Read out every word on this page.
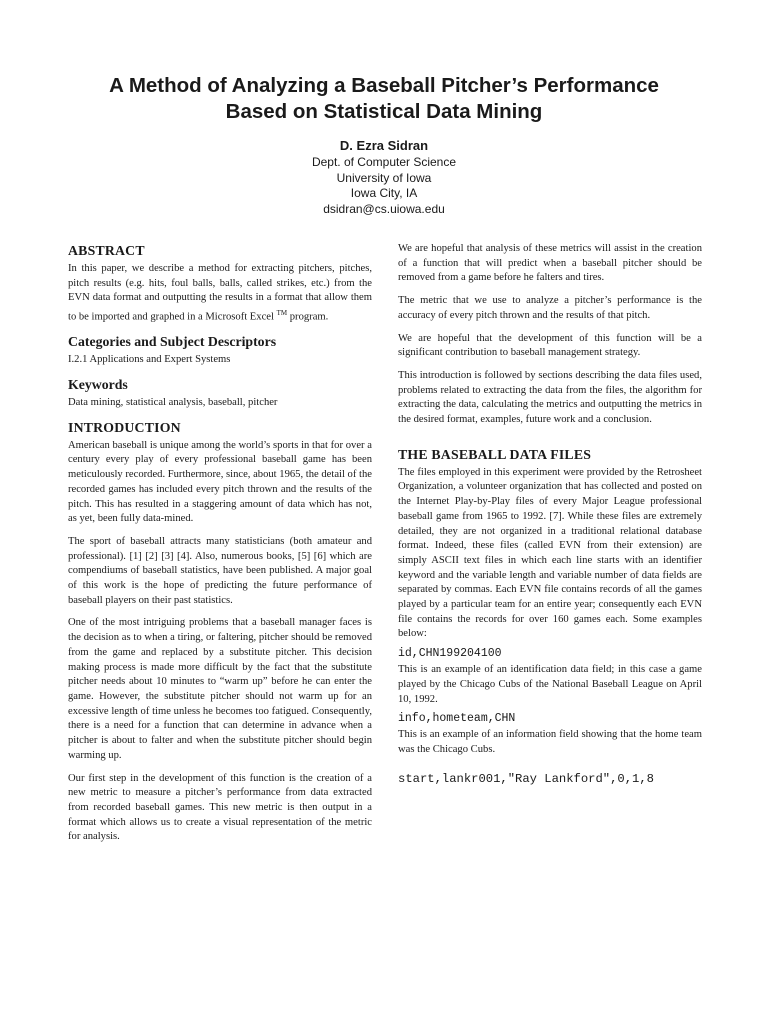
A Method of Analyzing a Baseball Pitcher’s Performance
Based on Statistical Data Mining
D. Ezra Sidran
Dept. of Computer Science
University of Iowa
Iowa City, IA
dsidran@cs.uiowa.edu
ABSTRACT

In this paper, we describe a method for extracting pitchers, pitches, pitch results (e.g. hits, foul balls, balls, called strikes, etc.) from the EVN data format and outputting the results in a format that allow them to be imported and graphed in a Microsoft Excel ™ program.

Categories and Subject Descriptors

I.2.1 Applications and Expert Systems

Keywords

Data mining, statistical analysis, baseball, pitcher

INTRODUCTION

American baseball is unique among the world’s sports in that for over a century every play of every professional baseball game has been meticulously recorded. Furthermore, since, about 1965, the detail of the recorded games has included every pitch thrown and the results of the pitch. This has resulted in a staggering amount of data which has not, as yet, been fully data-mined.

The sport of baseball attracts many statisticians (both amateur and professional). [1] [2] [3] [4]. Also, numerous books, [5] [6] which are compendiums of baseball statistics, have been published. A major goal of this work is the hope of predicting the future performance of baseball players on their past statistics.

One of the most intriguing problems that a baseball manager faces is the decision as to when a tiring, or faltering, pitcher should be removed from the game and replaced by a substitute pitcher. This decision making process is made more difficult by the fact that the substitute pitcher needs about 10 minutes to “warm up” before he can enter the game. However, the substitute pitcher should not warm up for an excessive length of time unless he becomes too fatigued. Consequently, there is a need for a function that can determine in advance when a pitcher is about to falter and when the substitute pitcher should begin warming up.

Our first step in the development of this function is the creation of a new metric to measure a pitcher’s performance from data extracted from recorded baseball games. This new metric is then output in a format which allows us to create a visual representation of the metric for analysis.

We are hopeful that analysis of these metrics will assist in the creation of a function that will predict when a baseball pitcher should be removed from a game before he falters and tires.

The metric that we use to analyze a pitcher’s performance is the accuracy of every pitch thrown and the results of that pitch.

We are hopeful that the development of this function will be a significant contribution to baseball management strategy.

This introduction is followed by sections describing the data files used, problems related to extracting the data from the files, the algorithm for extracting the data, calculating the metrics and outputting the metrics in the desired format, examples, future work and a conclusion.

THE BASEBALL DATA FILES

The files employed in this experiment were provided by the Retrosheet Organization, a volunteer organization that has collected and posted on the Internet Play-by-Play files of every Major League professional baseball game from 1965 to 1992. [7]. While these files are extremely detailed, they are not organized in a traditional relational database format. Indeed, these files (called EVN from their extension) are simply ASCII text files in which each line starts with an identifier keyword and the variable length and variable number of data fields are separated by commas. Each EVN file contains records of all the games played by a particular team for an entire year; consequently each EVN file contains the records for over 160 games each. Some examples below:

id,CHN199204100

This is an example of an identification data field; in this case a game played by the Chicago Cubs of the National Baseball League on April 10, 1992.

info,hometeam,CHN

This is an example of an information field showing that the home team was the Chicago Cubs.

start,lankr001,"Ray Lankford",0,1,8
